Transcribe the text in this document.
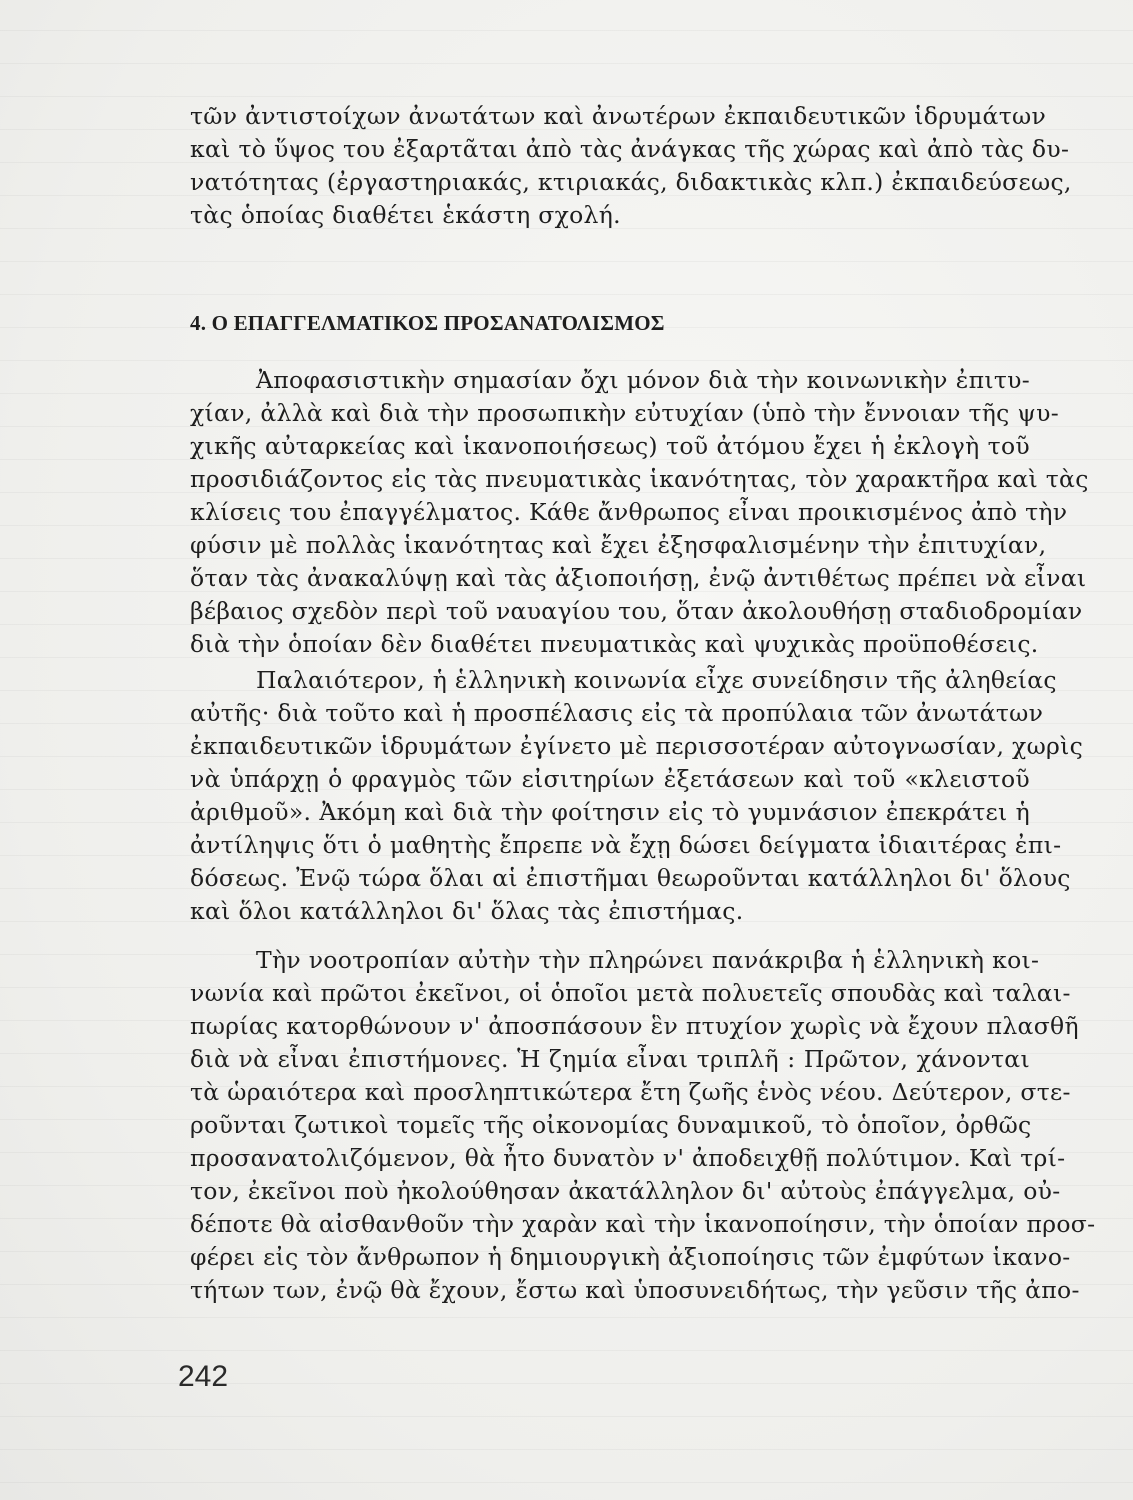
τῶν ἀντιστοίχων ἀνωτάτων καὶ ἀνωτέρων ἐκπαιδευτικῶν ἱδρυμάτων
καὶ τὸ ὕψος του ἐξαρτᾶται ἀπὸ τὰς ἀνάγκας τῆς χώρας καὶ ἀπὸ τὰς δυ-
νατότητας (ἐργαστηριακάς, κτιριακάς, διδακτικὰς κλπ.) ἐκπαιδεύσεως,
τὰς ὁποίας διαθέτει ἑκάστη σχολή.
4. Ο ΕΠΑΓΓΕΛΜΑΤΙΚΟΣ ΠΡΟΣΑΝΑΤΟΛΙΣΜΟΣ
Ἀποφασιστικὴν σημασίαν ὄχι μόνον διὰ τὴν κοινωνικὴν ἐπιτυ-
χίαν, ἀλλὰ καὶ διὰ τὴν προσωπικὴν εὐτυχίαν (ὑπὸ τὴν ἔννοιαν τῆς ψυ-
χικῆς αὐταρκείας καὶ ἱκανοποιήσεως) τοῦ ἀτόμου ἔχει ἡ ἐκλογὴ τοῦ
προσιδιάζοντος εἰς τὰς πνευματικὰς ἱκανότητας, τὸν χαρακτῆρα καὶ τὰς
κλίσεις του ἐπαγγέλματος. Κάθε ἄνθρωπος εἶναι προικισμένος ἀπὸ τὴν
φύσιν μὲ πολλὰς ἱκανότητας καὶ ἔχει ἐξησφαλισμένην τὴν ἐπιτυχίαν,
ὅταν τὰς ἀνακαλύψῃ καὶ τὰς ἀξιοποιήσῃ, ἐνῷ ἀντιθέτως πρέπει νὰ εἶναι
βέβαιος σχεδὸν περὶ τοῦ ναυαγίου του, ὅταν ἀκολουθήσῃ σταδιοδρομίαν
διὰ τὴν ὁποίαν δὲν διαθέτει πνευματικὰς καὶ ψυχικὰς προϋποθέσεις.
Παλαιότερον, ἡ ἑλληνικὴ κοινωνία εἶχε συνείδησιν τῆς ἀληθείας
αὐτῆς· διὰ τοῦτο καὶ ἡ προσπέλασις εἰς τὰ προπύλαια τῶν ἀνωτάτων
ἐκπαιδευτικῶν ἱδρυμάτων ἐγίνετο μὲ περισσοτέραν αὐτογνωσίαν, χωρὶς
νὰ ὑπάρχῃ ὁ φραγμὸς τῶν εἰσιτηρίων ἐξετάσεων καὶ τοῦ «κλειστοῦ
ἀριθμοῦ». Ἀκόμη καὶ διὰ τὴν φοίτησιν εἰς τὸ γυμνάσιον ἐπεκράτει ἡ
ἀντίληψις ὅτι ὁ μαθητὴς ἔπρεπε νὰ ἔχῃ δώσει δείγματα ἰδιαιτέρας ἐπι-
δόσεως. Ἐνῷ τώρα ὅλαι αἱ ἐπιστῆμαι θεωροῦνται κατάλληλοι δι' ὅλους
καὶ ὅλοι κατάλληλοι δι' ὅλας τὰς ἐπιστήμας.
Τὴν νοοτροπίαν αὐτὴν τὴν πληρώνει πανάκριβα ἡ ἑλληνικὴ κοι-
νωνία καὶ πρῶτοι ἐκεῖνοι, οἱ ὁποῖοι μετὰ πολυετεῖς σπουδὰς καὶ ταλαι-
πωρίας κατορθώνουν ν' ἀποσπάσουν ἓν πτυχίον χωρὶς νὰ ἔχουν πλασθῆ
διὰ νὰ εἶναι ἐπιστήμονες. Ἡ ζημία εἶναι τριπλῆ : Πρῶτον, χάνονται
τὰ ὡραιότερα καὶ προσληπτικώτερα ἔτη ζωῆς ἑνὸς νέου. Δεύτερον, στε-
ροῦνται ζωτικοὶ τομεῖς τῆς οἰκονομίας δυναμικοῦ, τὸ ὁποῖον, ὀρθῶς
προσανατολιζόμενον, θὰ ἦτο δυνατὸν ν' ἀποδειχθῇ πολύτιμον. Καὶ τρί-
τον, ἐκεῖνοι ποὺ ἠκολούθησαν ἀκατάλληλον δι' αὐτοὺς ἐπάγγελμα, οὐ-
δέποτε θὰ αἰσθανθοῦν τὴν χαρὰν καὶ τὴν ἱκανοποίησιν, τὴν ὁποίαν προσ-
φέρει εἰς τὸν ἄνθρωπον ἡ δημιουργικὴ ἀξιοποίησις τῶν ἐμφύτων ἱκανο-
τήτων των, ἐνῷ θὰ ἔχουν, ἔστω καὶ ὑποσυνειδήτως, τὴν γεῦσιν τῆς ἀπο-
242
